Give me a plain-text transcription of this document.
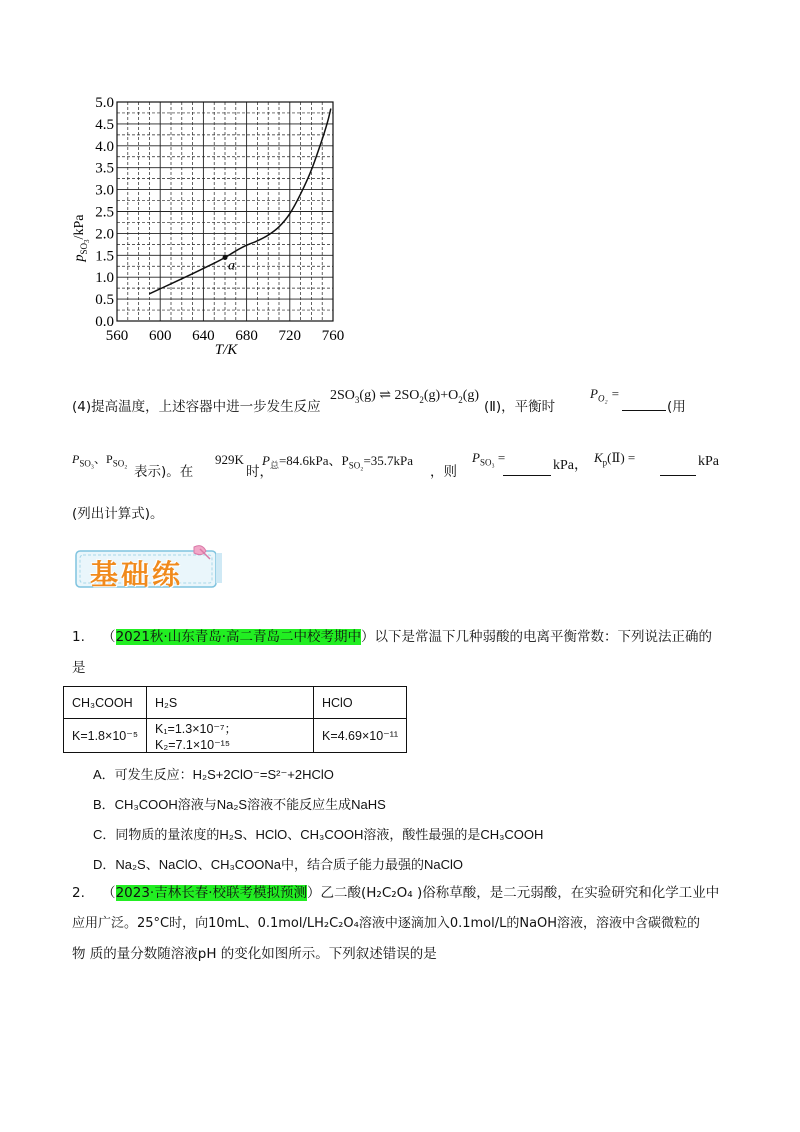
0.0
0.5
1.0
1.5
2.0
2.5
3.0
3.5
4.0
4.5
5.0
560 600 640 680 720 760
a
T/K
$p_{SO}3$/kPa
(4)提高温度，上述容器中进一步发生反应
$2SO_3(g)$ ⇌ $2SO_2(g)+O_2(g)$
(Ⅱ)，平衡时
$P_{O_2}$ =
(用
$P_{SO_3}$、$P_{SO_2}$
表示)。在
929K
时，
$P_总=84.6kPa$、$P_{SO_2}=35.7kPa$
，则
$P_{SO_3}$ =
kPa，
$K_p(Ⅱ)$ =	kPa
(列出计算式)。
基础练
1.    （2021秋·山东青岛·高二青岛二中校考期中）以下是常温下几种弱酸的电离平衡常数：下列说法正确的
是
CH₃COOH	H₂S	HClO
K=1.8×10⁻⁵	K₁=1.3×10⁻⁷；K₂=7.1×10⁻¹⁵	K=4.69×10⁻¹¹
A．可发生反应：H₂S+2ClO⁻=S²⁻+2HClO
B．CH₃COOH溶液与Na₂S溶液不能反应生成NaHS
C．同物质的量浓度的H₂S、HClO、CH₃COOH溶液，酸性最强的是CH₃COOH
D．Na₂S、NaClO、CH₃COONa中，结合质子能力最强的NaClO
2.    （2023·吉林长春·校联考模拟预测）乙二酸(H₂C₂O₄ )俗称草酸，是二元弱酸，在实验研究和化学工业中
应用广泛。25°C时，向10mL、0.1mol/LH₂C₂O₄溶液中逐滴加入0.1mol/L的NaOH溶液，溶液中含碳微粒的
物 质的量分数随溶液pH 的变化如图所示。下列叙述错误的是
